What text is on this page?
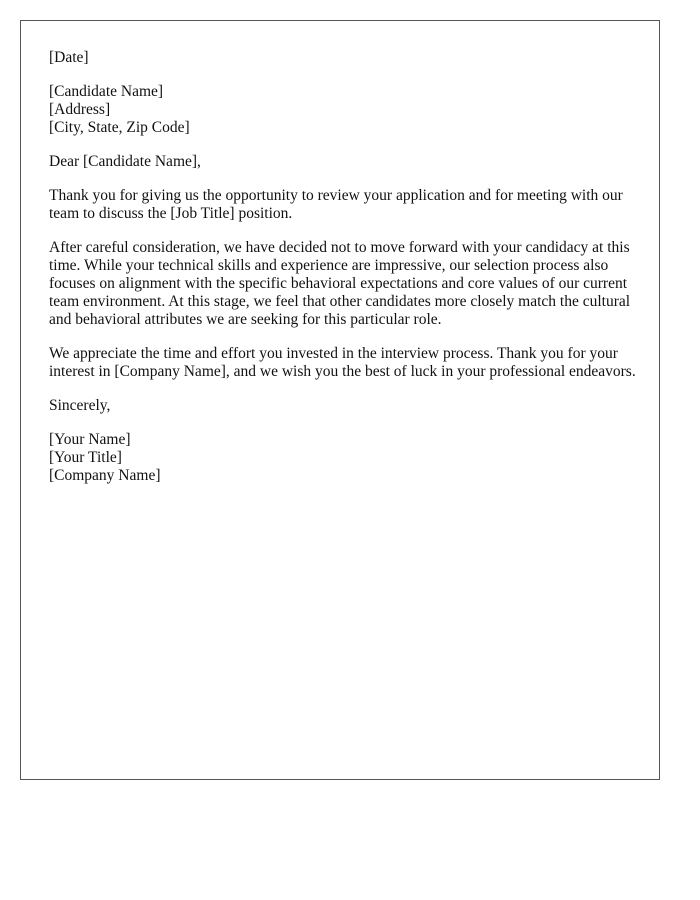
[Date]
[Candidate Name]
[Address]
[City, State, Zip Code]
Dear [Candidate Name],

Thank you for giving us the opportunity to review your application and for meeting with our team to discuss the [Job Title] position.

After careful consideration, we have decided not to move forward with your candidacy at this time. While your technical skills and experience are impressive, our selection process also focuses on alignment with the specific behavioral expectations and core values of our current team environment. At this stage, we feel that other candidates more closely match the cultural and behavioral attributes we are seeking for this particular role.

We appreciate the time and effort you invested in the interview process. Thank you for your interest in [Company Name], and we wish you the best of luck in your professional endeavors.

Sincerely,
[Your Name]
[Your Title]
[Company Name]
